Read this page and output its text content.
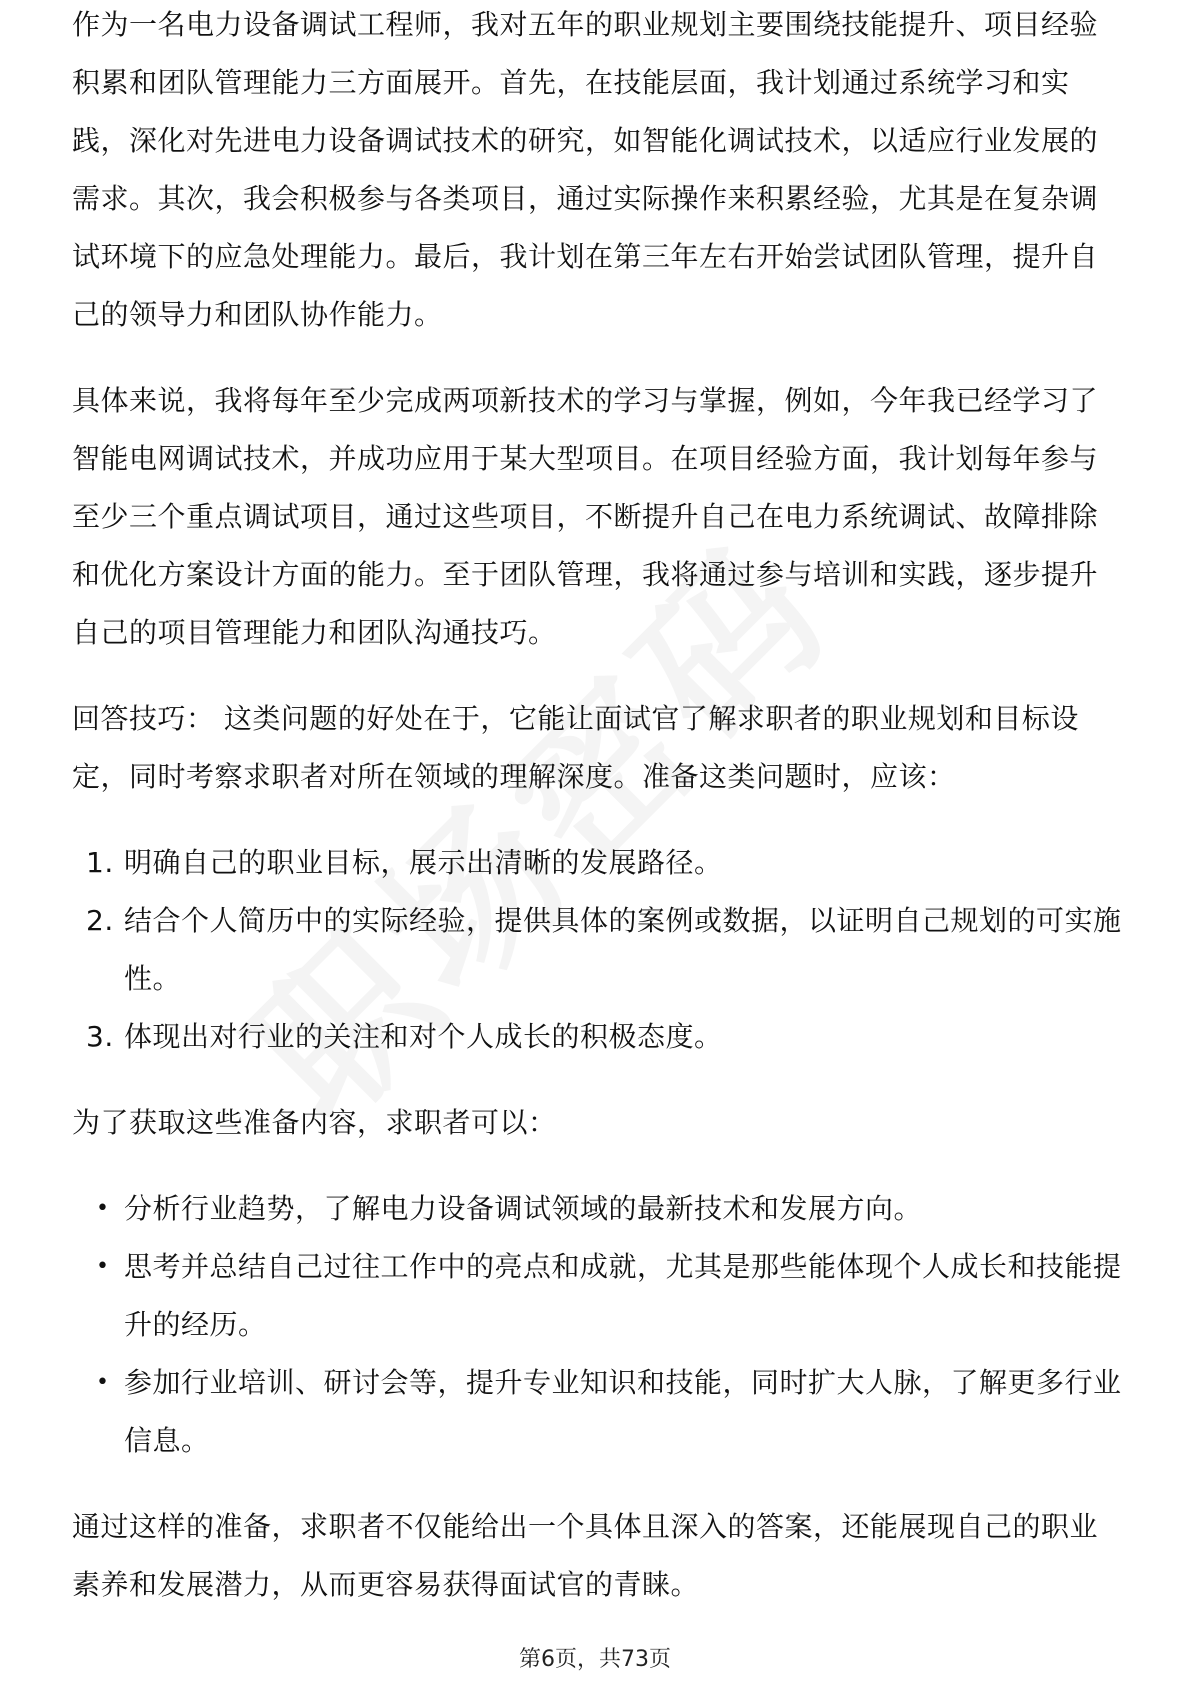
作为一名电力设备调试工程师，我对五年的职业规划主要围绕技能提升、项目经验积累和团队管理能力三方面展开。首先，在技能层面，我计划通过系统学习和实践，深化对先进电力设备调试技术的研究，如智能化调试技术，以适应行业发展的需求。其次，我会积极参与各类项目，通过实际操作来积累经验，尤其是在复杂调试环境下的应急处理能力。最后，我计划在第三年左右开始尝试团队管理，提升自己的领导力和团队协作能力。

具体来说，我将每年至少完成两项新技术的学习与掌握，例如，今年我已经学习了智能电网调试技术，并成功应用于某大型项目。在项目经验方面，我计划每年参与至少三个重点调试项目，通过这些项目，不断提升自己在电力系统调试、故障排除和优化方案设计方面的能力。至于团队管理，我将通过参与培训和实践，逐步提升自己的项目管理能力和团队沟通技巧。

回答技巧： 这类问题的好处在于，它能让面试官了解求职者的职业规划和目标设定，同时考察求职者对所在领域的理解深度。准备这类问题时，应该：

1. 明确自己的职业目标，展示出清晰的发展路径。
2. 结合个人简历中的实际经验，提供具体的案例或数据，以证明自己规划的可实施性。
3. 体现出对行业的关注和对个人成长的积极态度。

为了获取这些准备内容，求职者可以：

• 分析行业趋势，了解电力设备调试领域的最新技术和发展方向。
• 思考并总结自己过往工作中的亮点和成就，尤其是那些能体现个人成长和技能提升的经历。
• 参加行业培训、研讨会等，提升专业知识和技能，同时扩大人脉，了解更多行业信息。

通过这样的准备，求职者不仅能给出一个具体且深入的答案，还能展现自己的职业素养和发展潜力，从而更容易获得面试官的青睐。

第6页，共73页
